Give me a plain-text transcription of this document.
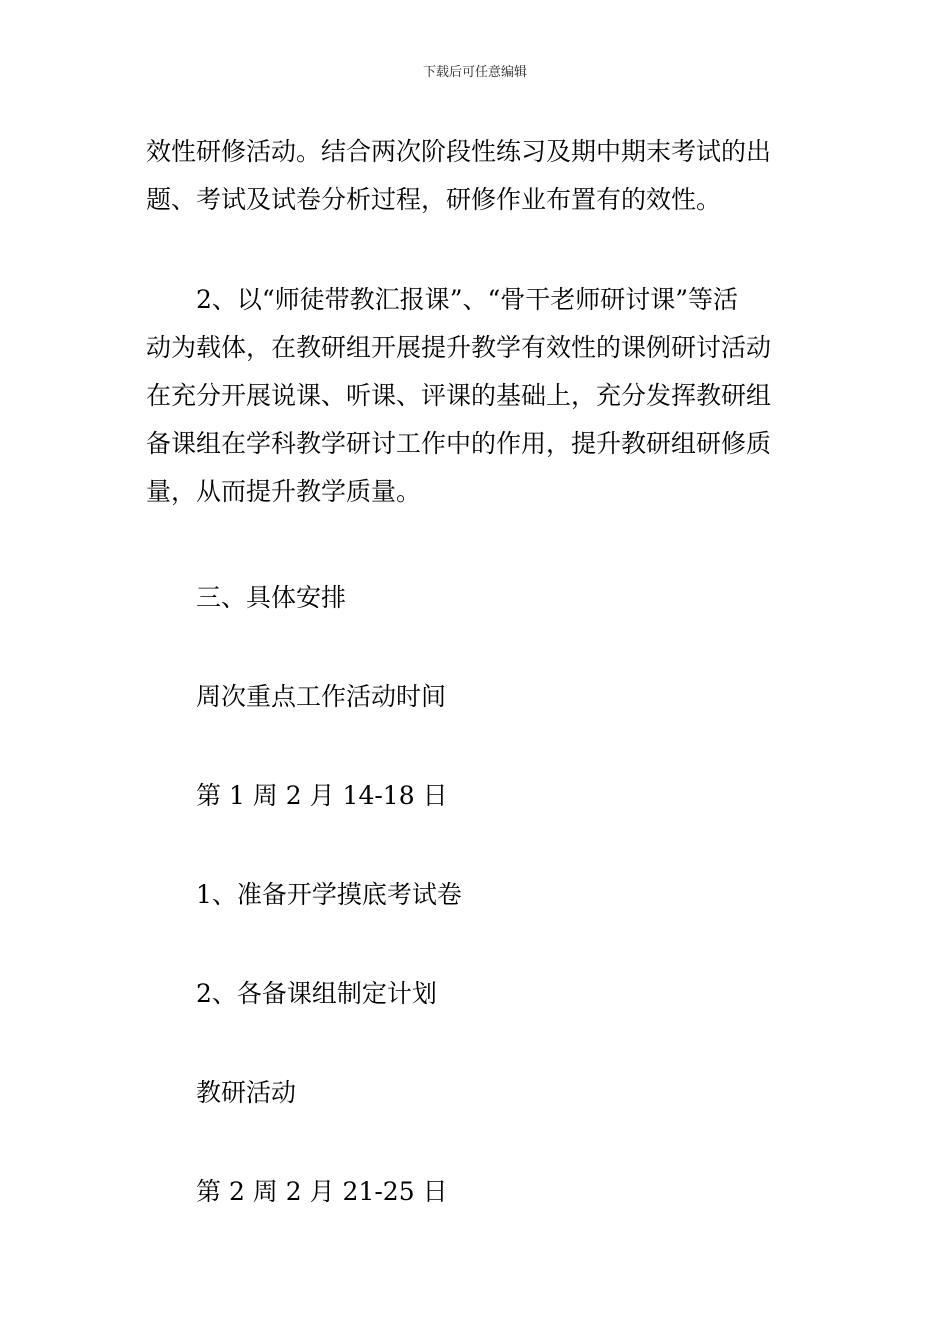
下载后可任意编辑
效性研修活动。结合两次阶段性练习及期中期末考试的出
题、考试及试卷分析过程，研修作业布置有的效性。
　　2、以“师徒带教汇报课”、“骨干老师研讨课”等活
动为载体，在教研组开展提升教学有效性的课例研讨活动
在充分开展说课、听课、评课的基础上，充分发挥教研组
备课组在学科教学研讨工作中的作用，提升教研组研修质
量，从而提升教学质量。
　　三、具体安排
　　周次重点工作活动时间
　　第 1 周 2 月 14-18 日
　　1、准备开学摸底考试卷
　　2、各备课组制定计划
　　教研活动
　　第 2 周 2 月 21-25 日
